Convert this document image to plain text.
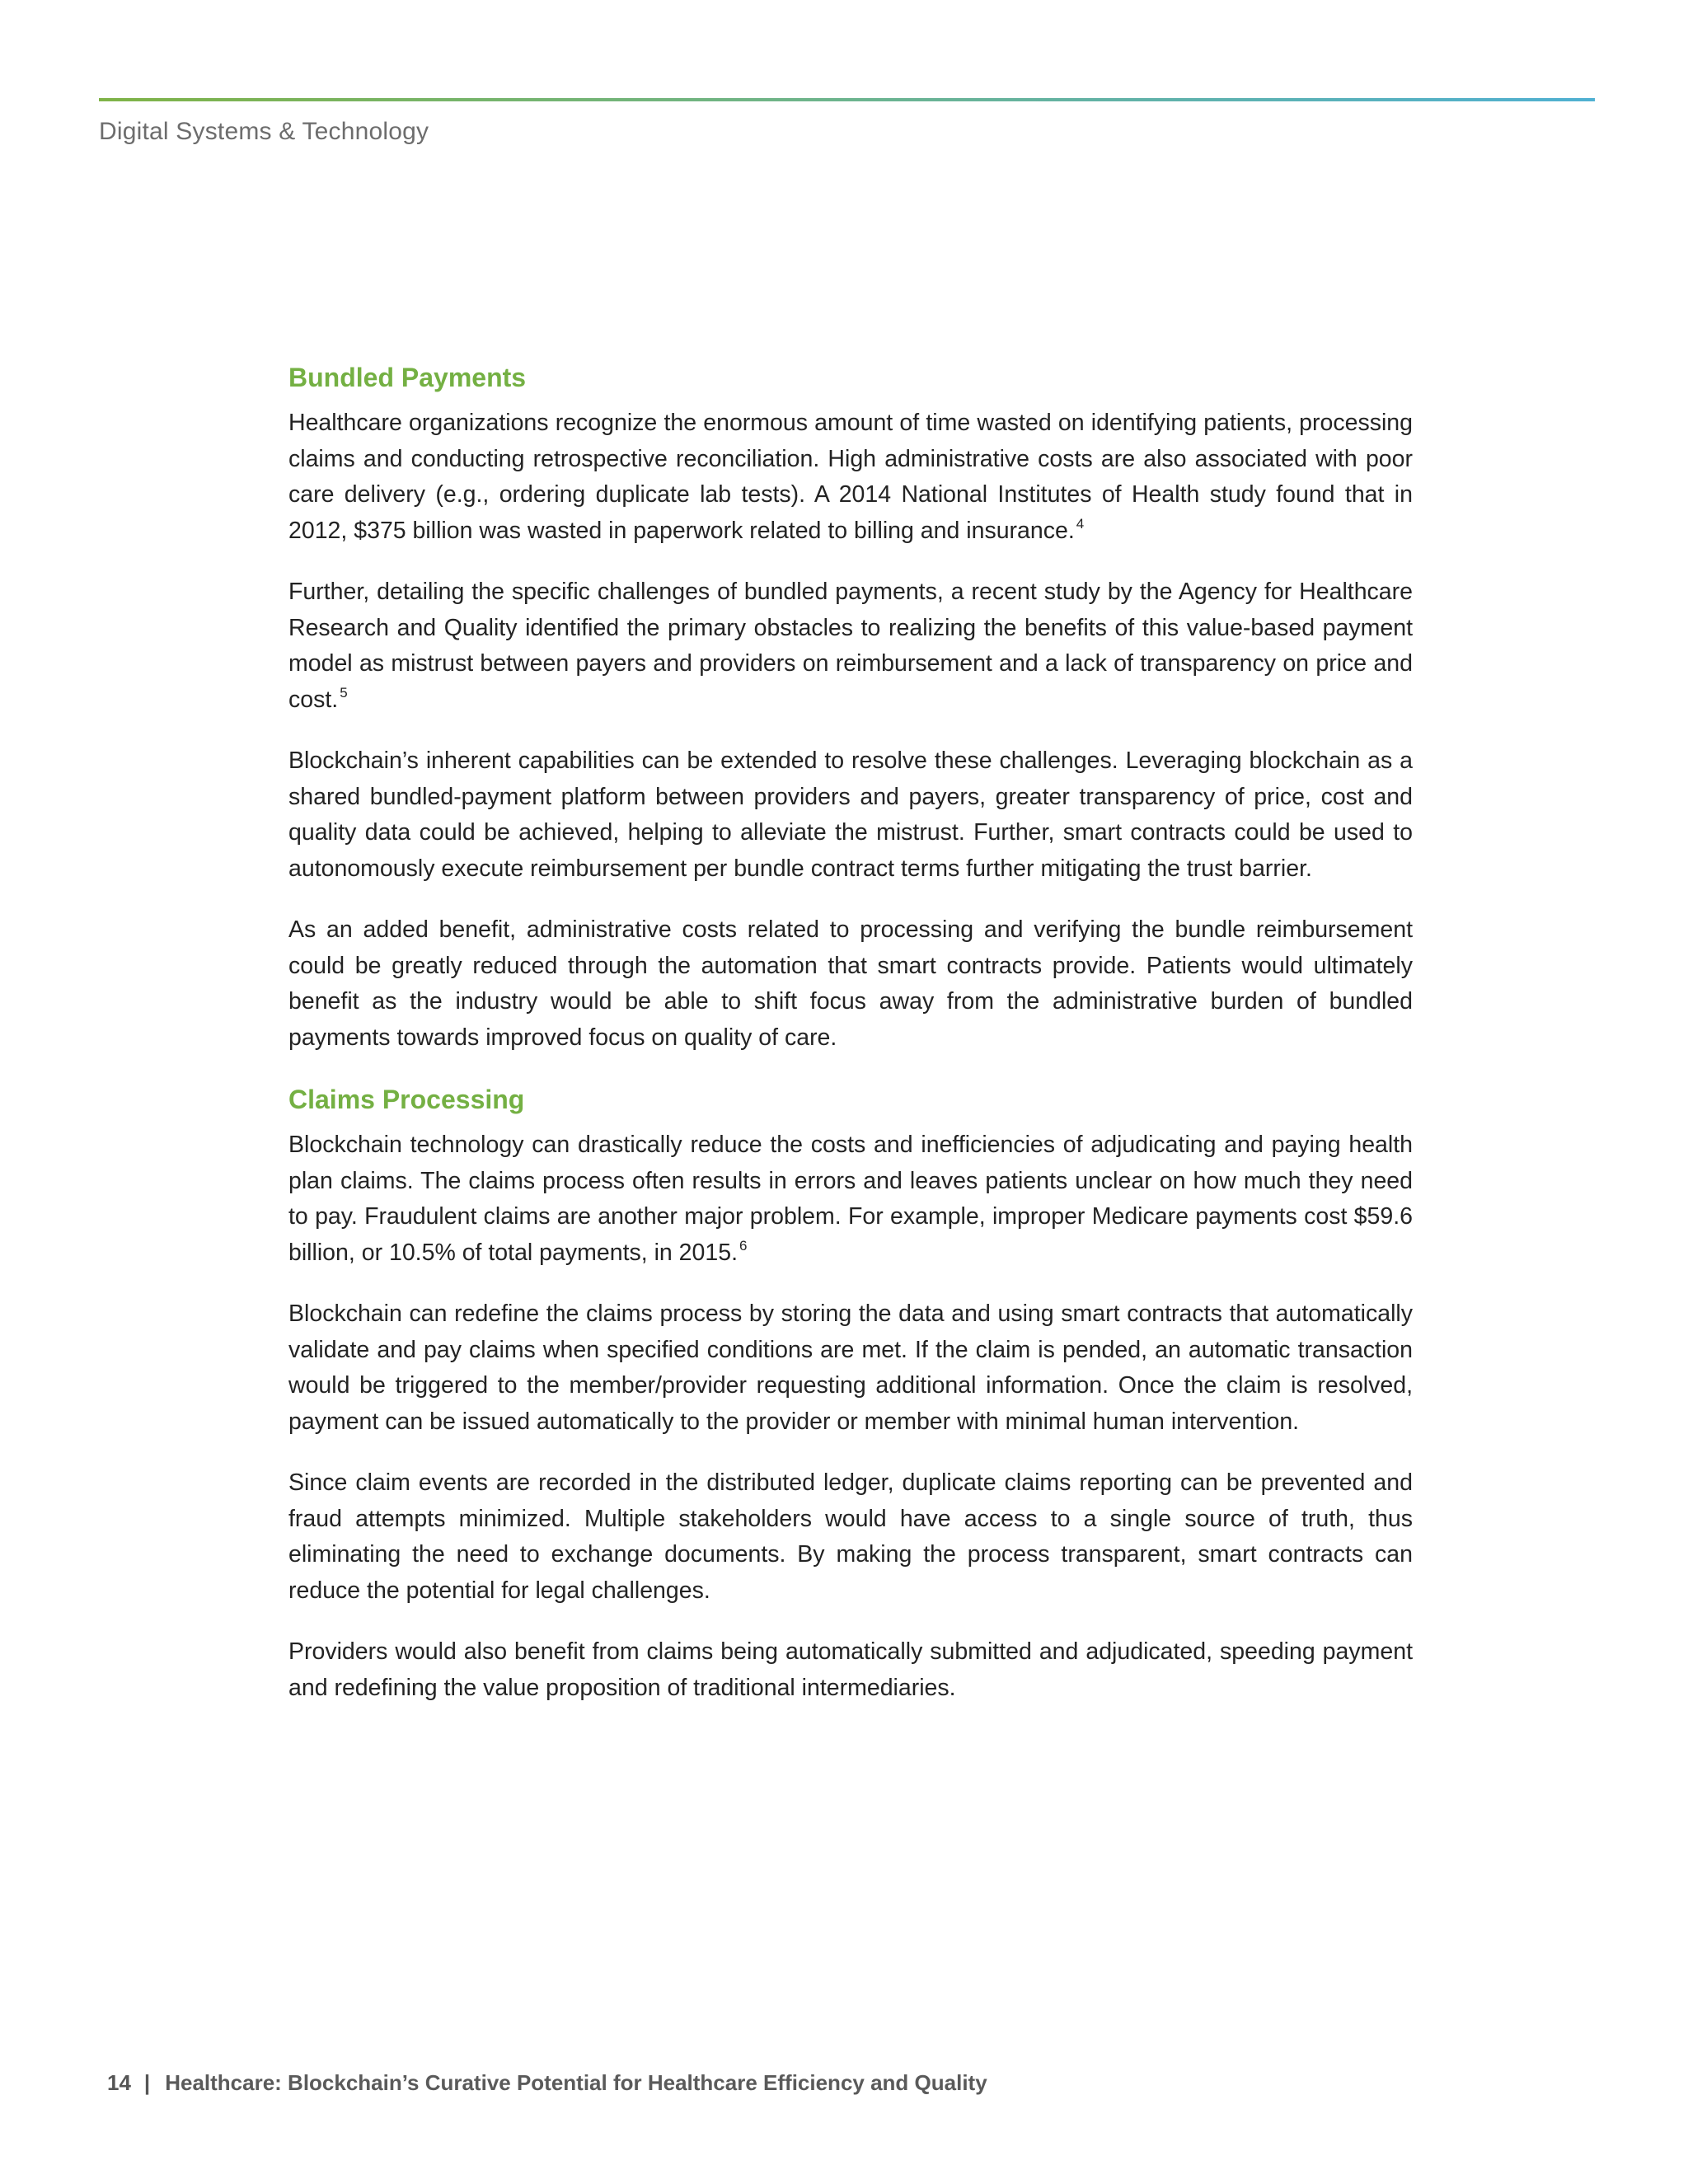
Digital Systems & Technology
Bundled Payments

Healthcare organizations recognize the enormous amount of time wasted on identifying patients, processing claims and conducting retrospective reconciliation. High administrative costs are also associated with poor care delivery (e.g., ordering duplicate lab tests). A 2014 National Institutes of Health study found that in 2012, $375 billion was wasted in paperwork related to billing and insurance. $^4$

Further, detailing the specific challenges of bundled payments, a recent study by the Agency for Healthcare Research and Quality identified the primary obstacles to realizing the benefits of this value-based payment model as mistrust between payers and providers on reimbursement and a lack of transparency on price and cost. $^5$

Blockchain’s inherent capabilities can be extended to resolve these challenges. Leveraging blockchain as a shared bundled-payment platform between providers and payers, greater transparency of price, cost and quality data could be achieved, helping to alleviate the mistrust. Further, smart contracts could be used to autonomously execute reimbursement per bundle contract terms further mitigating the trust barrier.

As an added benefit, administrative costs related to processing and verifying the bundle reimbursement could be greatly reduced through the automation that smart contracts provide. Patients would ultimately benefit as the industry would be able to shift focus away from the administrative burden of bundled payments towards improved focus on quality of care.

Claims Processing

Blockchain technology can drastically reduce the costs and inefficiencies of adjudicating and paying health plan claims. The claims process often results in errors and leaves patients unclear on how much they need to pay. Fraudulent claims are another major problem. For example, improper Medicare payments cost $59.6 billion, or 10.5% of total payments, in 2015. $^6$

Blockchain can redefine the claims process by storing the data and using smart contracts that automatically validate and pay claims when specified conditions are met. If the claim is pended, an automatic transaction would be triggered to the member/provider requesting additional information. Once the claim is resolved, payment can be issued automatically to the provider or member with minimal human intervention.

Since claim events are recorded in the distributed ledger, duplicate claims reporting can be prevented and fraud attempts minimized. Multiple stakeholders would have access to a single source of truth, thus eliminating the need to exchange documents. By making the process transparent, smart contracts can reduce the potential for legal challenges.

Providers would also benefit from claims being automatically submitted and adjudicated, speeding payment and redefining the value proposition of traditional intermediaries.

14 | Healthcare: Blockchain’s Curative Potential for Healthcare Efficiency and Quality
